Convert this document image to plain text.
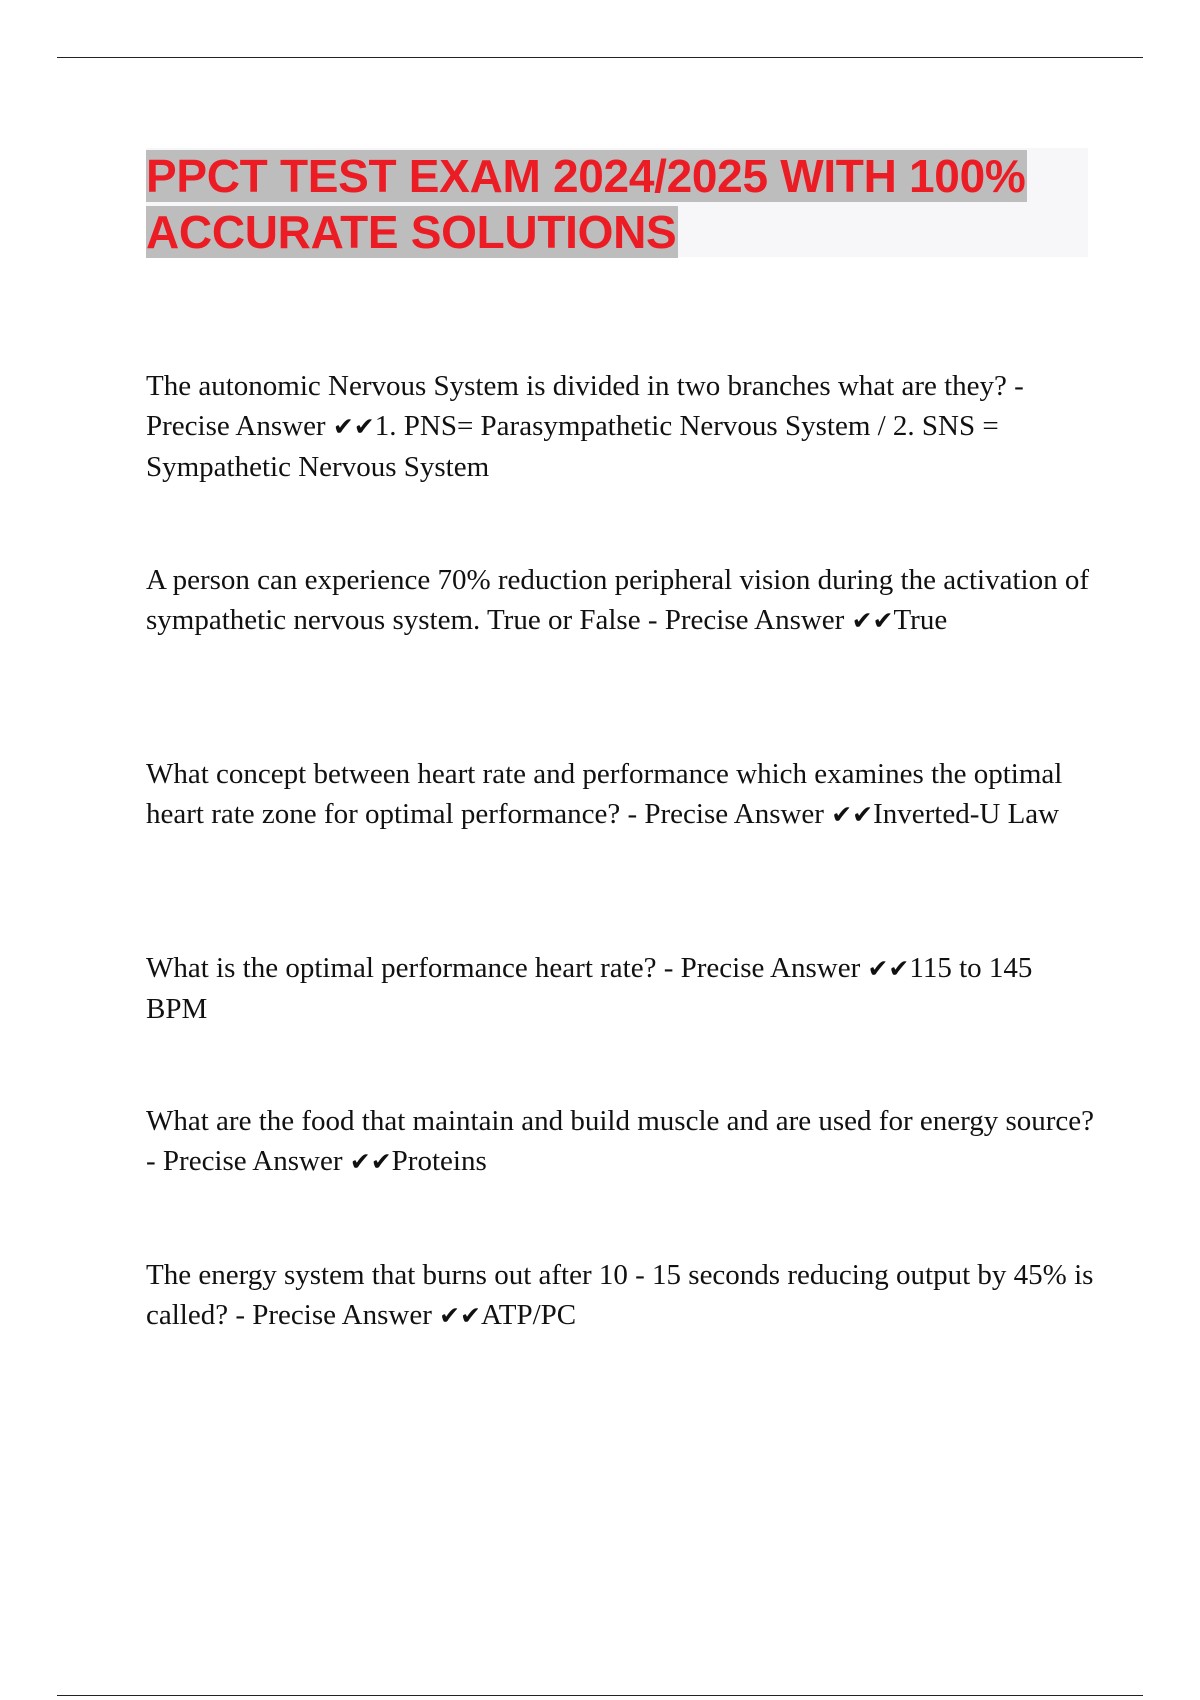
PPCT TEST EXAM 2024/2025 WITH 100% ACCURATE SOLUTIONS

The autonomic Nervous System is divided in two branches what are they? - Precise Answer ✔✔1. PNS= Parasympathetic Nervous System / 2. SNS = Sympathetic Nervous System

A person can experience 70% reduction peripheral vision during the activation of sympathetic nervous system. True or False - Precise Answer ✔✔True

What concept between heart rate and performance which examines the optimal heart rate zone for optimal performance? - Precise Answer ✔✔Inverted-U Law

What is the optimal performance heart rate? - Precise Answer ✔✔115 to 145 BPM

What are the food that maintain and build muscle and are used for energy source? - Precise Answer ✔✔Proteins

The energy system that burns out after 10 - 15 seconds reducing output by 45% is called? - Precise Answer ✔✔ATP/PC
